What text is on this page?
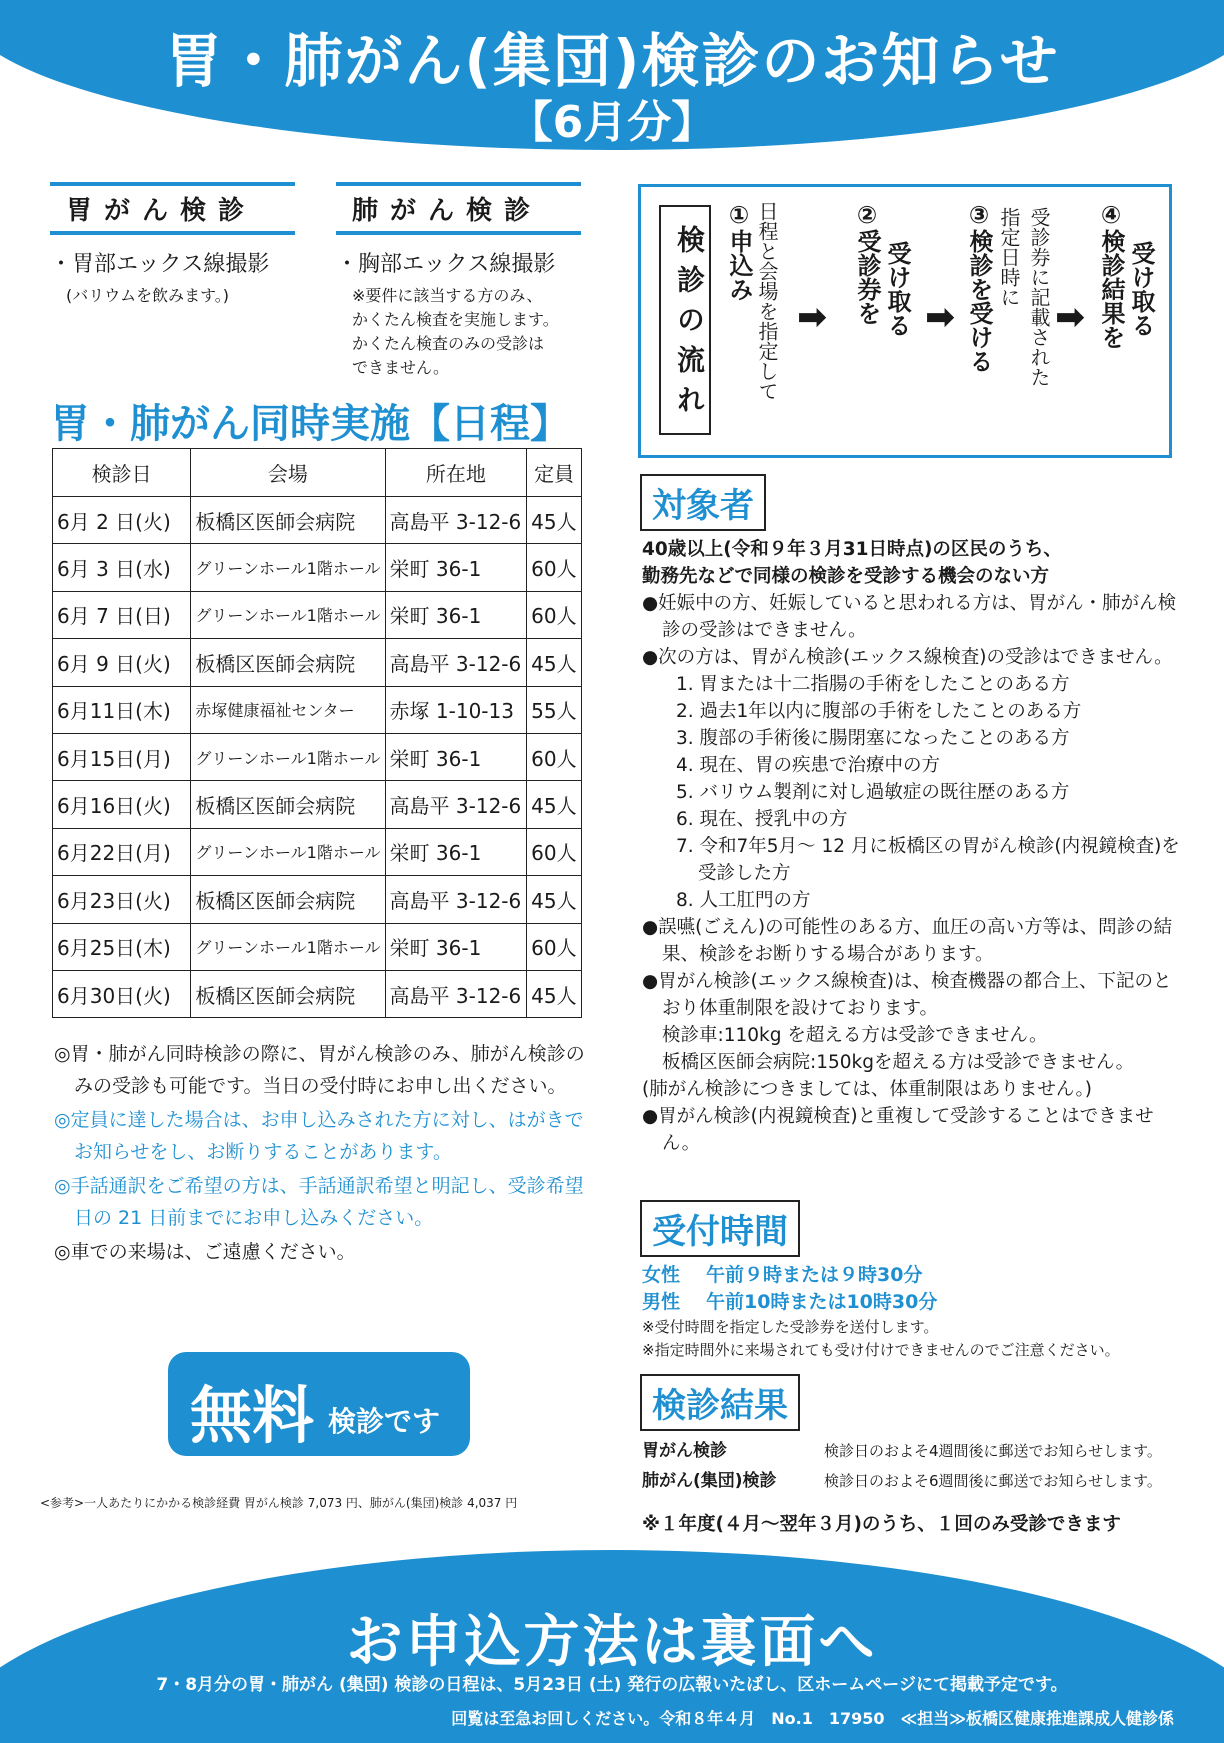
胃・肺がん(集団)検診のお知らせ
【6月分】
胃がん検診
・胃部エックス線撮影
(バリウムを飲みます。)
肺がん検診
・胸部エックス線撮影
※要件に該当する方のみ、
かくたん検査を実施します。
かくたん検査のみの受診は
できません。
胃・肺がん同時実施【日程】
検診日	会場	所在地	定員
6月 2 日(火)	板橋区医師会病院	高島平 3-12-6	45人
6月 3 日(水)	グリーンホール1階ホール	栄町 36-1	60人
6月 7 日(日)	グリーンホール1階ホール	栄町 36-1	60人
6月 9 日(火)	板橋区医師会病院	高島平 3-12-6	45人
6月11日(木)	赤塚健康福祉センター	赤塚 1-10-13	55人
6月15日(月)	グリーンホール1階ホール	栄町 36-1	60人
6月16日(火)	板橋区医師会病院	高島平 3-12-6	45人
6月22日(月)	グリーンホール1階ホール	栄町 36-1	60人
6月23日(火)	板橋区医師会病院	高島平 3-12-6	45人
6月25日(木)	グリーンホール1階ホール	栄町 36-1	60人
6月30日(火)	板橋区医師会病院	高島平 3-12-6	45人

◎胃・肺がん同時検診の際に、胃がん検診のみ、肺がん検診のみの受診も可能です。当日の受付時にお申し出ください。

◎定員に達した場合は、お申し込みされた方に対し、はがきでお知らせをし、お断りすることがあります。

◎手話通訳をご希望の方は、手話通訳希望と明記し、受診希望日の 21 日前までにお申し込みください。

◎車での来場は、ご遠慮ください。

無料 検診です
<参考>一人あたりにかかる検診経費 胃がん検診 7,073 円、肺がん(集団)検診 4,037 円
検診の流れ ①申込み 日程と会場を指定して ➡ ②受診券を 受け取る ➡ ③検診を受ける 指定日時に 受診券に記載された ➡ ④検診結果を 受け取る
対象者
40歳以上(令和９年３月31日時点)の区民のうち、
勤務先などで同様の検診を受診する機会のない方
●妊娠中の方、妊娠していると思われる方は、胃がん・肺がん検診の受診はできません。
●次の方は、胃がん検診(エックス線検査)の受診はできません。
1. 胃または十二指腸の手術をしたことのある方
2. 過去1年以内に腹部の手術をしたことのある方
3. 腹部の手術後に腸閉塞になったことのある方
4. 現在、胃の疾患で治療中の方
5. バリウム製剤に対し過敏症の既往歴のある方
6. 現在、授乳中の方
7. 令和7年5月～ 12 月に板橋区の胃がん検診(内視鏡検査)を受診した方
8. 人工肛門の方
●誤嚥(ごえん)の可能性のある方、血圧の高い方等は、問診の結果、検診をお断りする場合があります。
●胃がん検診(エックス線検査)は、検査機器の都合上、下記のとおり体重制限を設けております。
検診車:110kg を超える方は受診できません。
板橋区医師会病院:150kgを超える方は受診できません。
(肺がん検診につきましては、体重制限はありません。)
●胃がん検診(内視鏡検査)と重複して受診することはできません。
受付時間
女性 午前９時または９時30分
男性 午前10時または10時30分
※受付時間を指定した受診券を送付します。
※指定時間外に来場されても受け付けできませんのでご注意ください。
検診結果
胃がん検診	検診日のおよそ4週間後に郵送でお知らせします。
肺がん(集団)検診	検診日のおよそ6週間後に郵送でお知らせします。
※１年度(４月～翌年３月)のうち、１回のみ受診できます
お申込方法は裏面へ
7・8月分の胃・肺がん (集団) 検診の日程は、5月23日 (土) 発行の広報いたばし、区ホームページにて掲載予定です。
回覧は至急お回しください。令和８年４月　No.1　17950　≪担当≫板橋区健康推進課成人健診係
